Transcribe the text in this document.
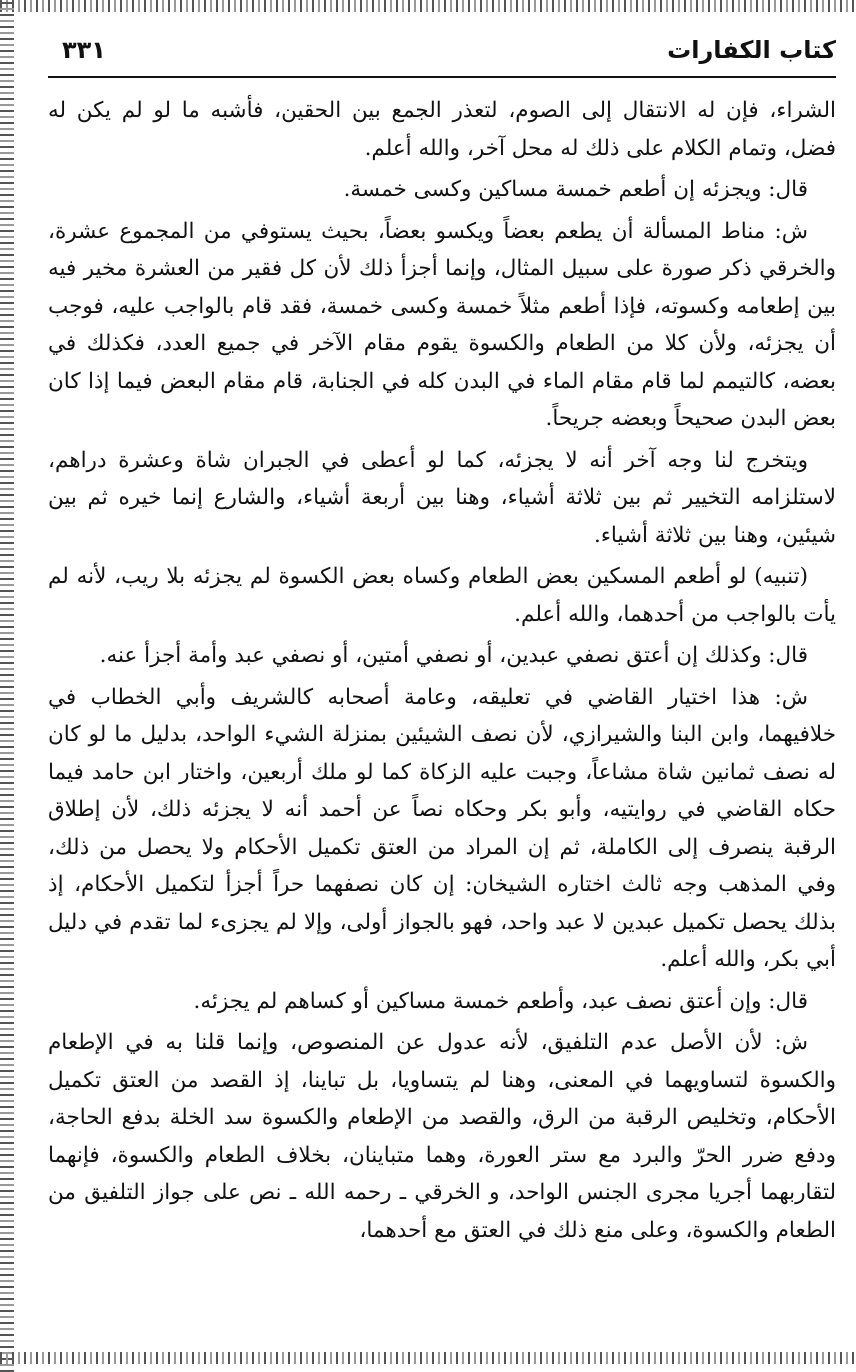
كتاب الكفارات
٣٣١

الشراء، فإن له الانتقال إلى الصوم، لتعذر الجمع بين الحقين، فأشبه ما لو لم يكن له فضل، وتمام الكلام على ذلك له محل آخر، والله أعلم.

قال: ويجزئه إن أطعم خمسة مساكين وكسى خمسة.

ش: مناط المسألة أن يطعم بعضاً ويكسو بعضاً، بحيث يستوفي من المجموع عشرة، والخرقي ذكر صورة على سبيل المثال، وإنما أجزأ ذلك لأن كل فقير من العشرة مخير فيه بين إطعامه وكسوته، فإذا أطعم مثلاً خمسة وكسى خمسة، فقد قام بالواجب عليه، فوجب أن يجزئه، ولأن كلا من الطعام والكسوة يقوم مقام الآخر في جميع العدد، فكذلك في بعضه، كالتيمم لما قام مقام الماء في البدن كله في الجنابة، قام مقام البعض فيما إذا كان بعض البدن صحيحاً وبعضه جريحاً.

ويتخرج لنا وجه آخر أنه لا يجزئه، كما لو أعطى في الجبران شاة وعشرة دراهم، لاستلزامه التخيير ثم بين ثلاثة أشياء، وهنا بين أربعة أشياء، والشارع إنما خيره ثم بين شيئين، وهنا بين ثلاثة أشياء.

(تنبيه) لو أطعم المسكين بعض الطعام وكساه بعض الكسوة لم يجزئه بلا ريب، لأنه لم يأت بالواجب من أحدهما، والله أعلم.

قال: وكذلك إن أعتق نصفي عبدين، أو نصفي أمتين، أو نصفي عبد وأمة أجزأ عنه.

ش: هذا اختيار القاضي في تعليقه، وعامة أصحابه كالشريف وأبي الخطاب في خلافيهما، وابن البنا والشيرازي، لأن نصف الشيئين بمنزلة الشيء الواحد، بدليل ما لو كان له نصف ثمانين شاة مشاعاً، وجبت عليه الزكاة كما لو ملك أربعين، واختار ابن حامد فيما حكاه القاضي في روايتيه، وأبو بكر وحكاه نصاً عن أحمد أنه لا يجزئه ذلك، لأن إطلاق الرقبة ينصرف إلى الكاملة، ثم إن المراد من العتق تكميل الأحكام ولا يحصل من ذلك، وفي المذهب وجه ثالث اختاره الشيخان: إن كان نصفهما حراً أجزأ لتكميل الأحكام، إذ بذلك يحصل تكميل عبدين لا عبد واحد، فهو بالجواز أولى، وإلا لم يجزىء لما تقدم في دليل أبي بكر، والله أعلم.

قال: وإن أعتق نصف عبد، وأطعم خمسة مساكين أو كساهم لم يجزئه.

ش: لأن الأصل عدم التلفيق، لأنه عدول عن المنصوص، وإنما قلنا به في الإطعام والكسوة لتساويهما في المعنى، وهنا لم يتساويا، بل تباينا، إذ القصد من العتق تكميل الأحكام، وتخليص الرقبة من الرق، والقصد من الإطعام والكسوة سد الخلة بدفع الحاجة، ودفع ضرر الحرّ والبرد مع ستر العورة، وهما متباينان، بخلاف الطعام والكسوة، فإنهما لتقاربهما أجريا مجرى الجنس الواحد، و الخرقي ـ رحمه الله ـ نص على جواز التلفيق من الطعام والكسوة، وعلى منع ذلك في العتق مع أحدهما،
